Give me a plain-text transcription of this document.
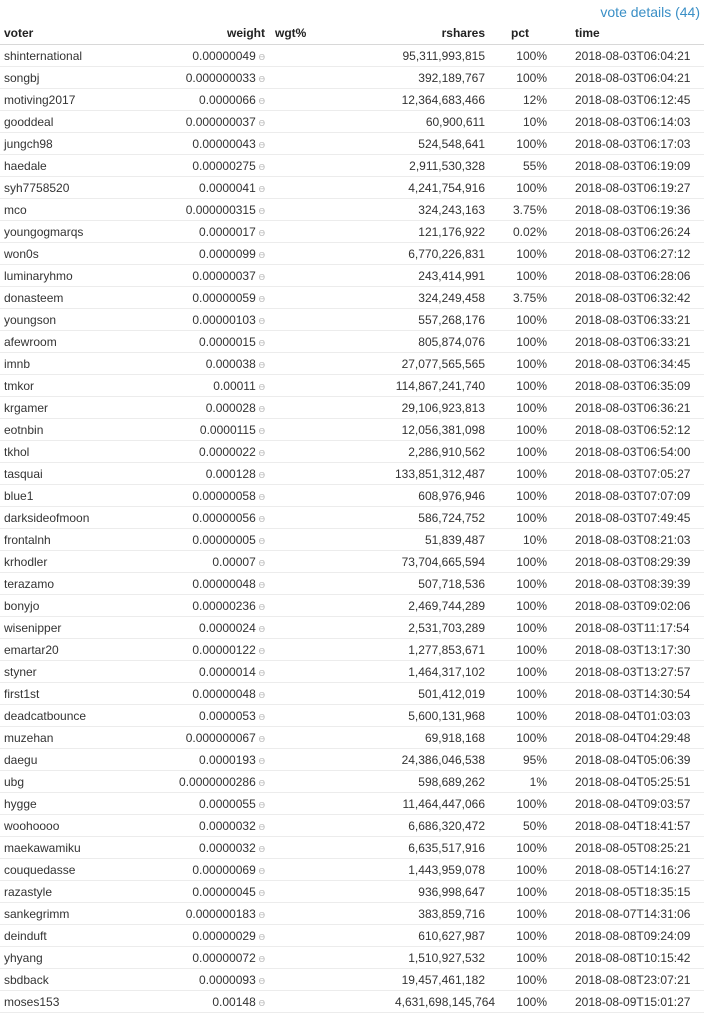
vote details (44)
voter	weight	wgt%	rshares	pct	time
shinternational	0.00000049 ϴ		95,311,993,815	100%	2018-08-03T06:04:21
songbj	0.000000033 ϴ		392,189,767	100%	2018-08-03T06:04:21
motiving2017	0.0000066 ϴ		12,364,683,466	12%	2018-08-03T06:12:45
gooddeal	0.000000037 ϴ		60,900,611	10%	2018-08-03T06:14:03
jungch98	0.00000043 ϴ		524,548,641	100%	2018-08-03T06:17:03
haedale	0.00000275 ϴ		2,911,530,328	55%	2018-08-03T06:19:09
syh7758520	0.0000041 ϴ		4,241,754,916	100%	2018-08-03T06:19:27
mco	0.000000315 ϴ		324,243,163	3.75%	2018-08-03T06:19:36
youngogmarqs	0.0000017 ϴ		121,176,922	0.02%	2018-08-03T06:26:24
won0s	0.0000099 ϴ		6,770,226,831	100%	2018-08-03T06:27:12
luminaryhmo	0.00000037 ϴ		243,414,991	100%	2018-08-03T06:28:06
donasteem	0.00000059 ϴ		324,249,458	3.75%	2018-08-03T06:32:42
youngson	0.00000103 ϴ		557,268,176	100%	2018-08-03T06:33:21
afewroom	0.0000015 ϴ		805,874,076	100%	2018-08-03T06:33:21
imnb	0.000038 ϴ		27,077,565,565	100%	2018-08-03T06:34:45
tmkor	0.00011 ϴ		114,867,241,740	100%	2018-08-03T06:35:09
krgamer	0.000028 ϴ		29,106,923,813	100%	2018-08-03T06:36:21
eotnbin	0.0000115 ϴ		12,056,381,098	100%	2018-08-03T06:52:12
tkhol	0.0000022 ϴ		2,286,910,562	100%	2018-08-03T06:54:00
tasquai	0.000128 ϴ		133,851,312,487	100%	2018-08-03T07:05:27
blue1	0.00000058 ϴ		608,976,946	100%	2018-08-03T07:07:09
darksideofmoon	0.00000056 ϴ		586,724,752	100%	2018-08-03T07:49:45
frontalnh	0.00000005 ϴ		51,839,487	10%	2018-08-03T08:21:03
krhodler	0.00007 ϴ		73,704,665,594	100%	2018-08-03T08:29:39
terazamo	0.00000048 ϴ		507,718,536	100%	2018-08-03T08:39:39
bonyjo	0.00000236 ϴ		2,469,744,289	100%	2018-08-03T09:02:06
wisenipper	0.0000024 ϴ		2,531,703,289	100%	2018-08-03T11:17:54
emartar20	0.00000122 ϴ		1,277,853,671	100%	2018-08-03T13:17:30
styner	0.0000014 ϴ		1,464,317,102	100%	2018-08-03T13:27:57
first1st	0.00000048 ϴ		501,412,019	100%	2018-08-03T14:30:54
deadcatbounce	0.0000053 ϴ		5,600,131,968	100%	2018-08-04T01:03:03
muzehan	0.000000067 ϴ		69,918,168	100%	2018-08-04T04:29:48
daegu	0.0000193 ϴ		24,386,046,538	95%	2018-08-04T05:06:39
ubg	0.0000000286 ϴ		598,689,262	1%	2018-08-04T05:25:51
hygge	0.0000055 ϴ		11,464,447,066	100%	2018-08-04T09:03:57
woohoooo	0.0000032 ϴ		6,686,320,472	50%	2018-08-04T18:41:57
maekawamiku	0.0000032 ϴ		6,635,517,916	100%	2018-08-05T08:25:21
couquedasse	0.00000069 ϴ		1,443,959,078	100%	2018-08-05T14:16:27
razastyle	0.00000045 ϴ		936,998,647	100%	2018-08-05T18:35:15
sankegrimm	0.000000183 ϴ		383,859,716	100%	2018-08-07T14:31:06
deinduft	0.00000029 ϴ		610,627,987	100%	2018-08-08T09:24:09
yhyang	0.00000072 ϴ		1,510,927,532	100%	2018-08-08T10:15:42
sbdback	0.0000093 ϴ		19,457,461,182	100%	2018-08-08T23:07:21
moses153	0.00148 ϴ		4,631,698,145,764	100%	2018-08-09T15:01:27
